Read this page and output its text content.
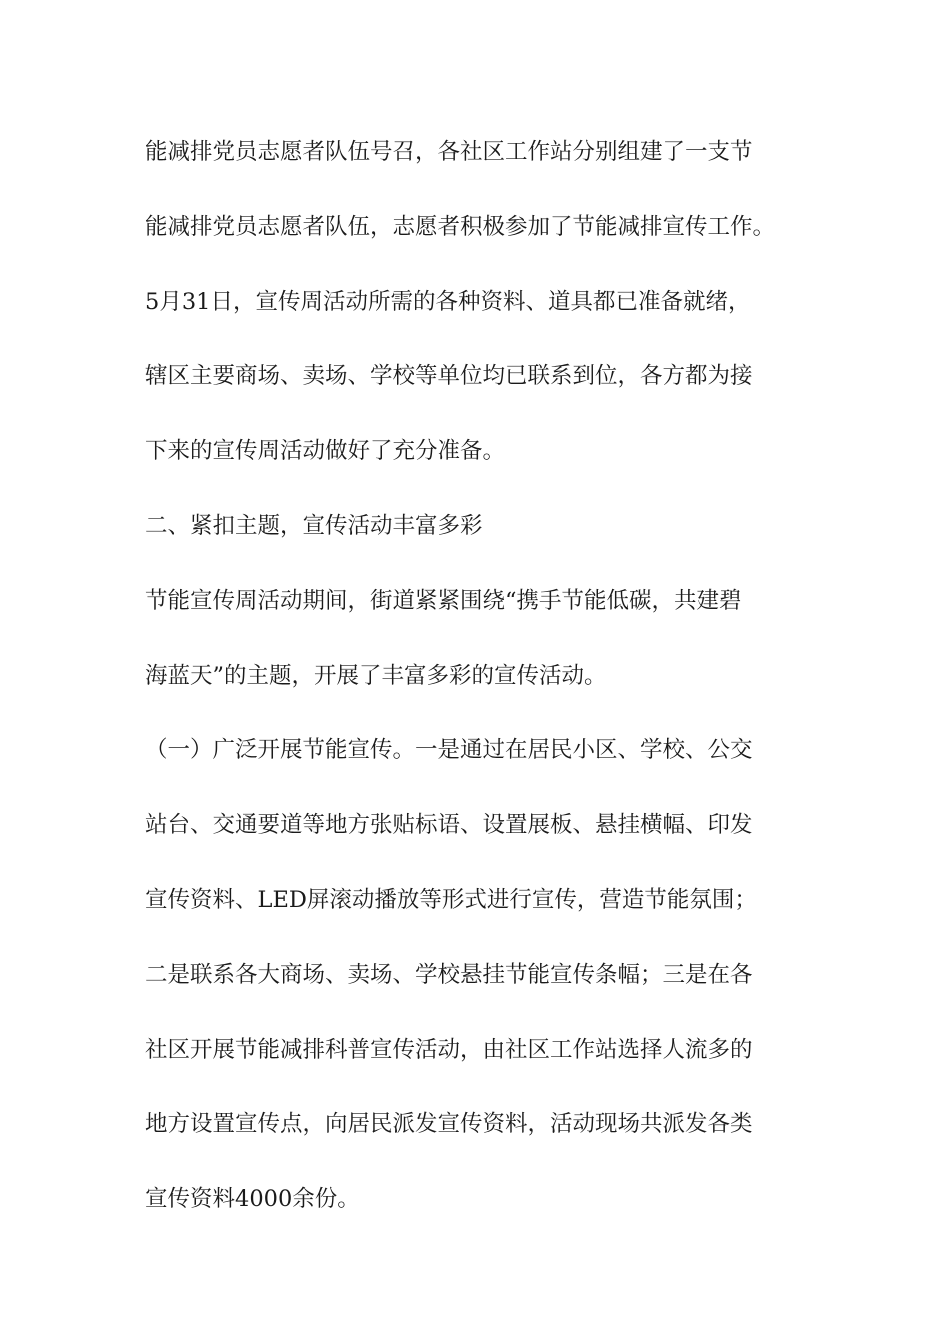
能减排党员志愿者队伍号召，各社区工作站分别组建了一支节

能减排党员志愿者队伍，志愿者积极参加了节能减排宣传工作。

5月31日，宣传周活动所需的各种资料、道具都已准备就绪，

辖区主要商场、卖场、学校等单位均已联系到位，各方都为接

下来的宣传周活动做好了充分准备。

二、紧扣主题，宣传活动丰富多彩

节能宣传周活动期间，街道紧紧围绕“携手节能低碳，共建碧

海蓝天”的主题，开展了丰富多彩的宣传活动。

（一）广泛开展节能宣传。一是通过在居民小区、学校、公交

站台、交通要道等地方张贴标语、设置展板、悬挂横幅、印发

宣传资料、LED屏滚动播放等形式进行宣传，营造节能氛围；

二是联系各大商场、卖场、学校悬挂节能宣传条幅；三是在各

社区开展节能减排科普宣传活动，由社区工作站选择人流多的

地方设置宣传点，向居民派发宣传资料，活动现场共派发各类

宣传资料4000余份。
